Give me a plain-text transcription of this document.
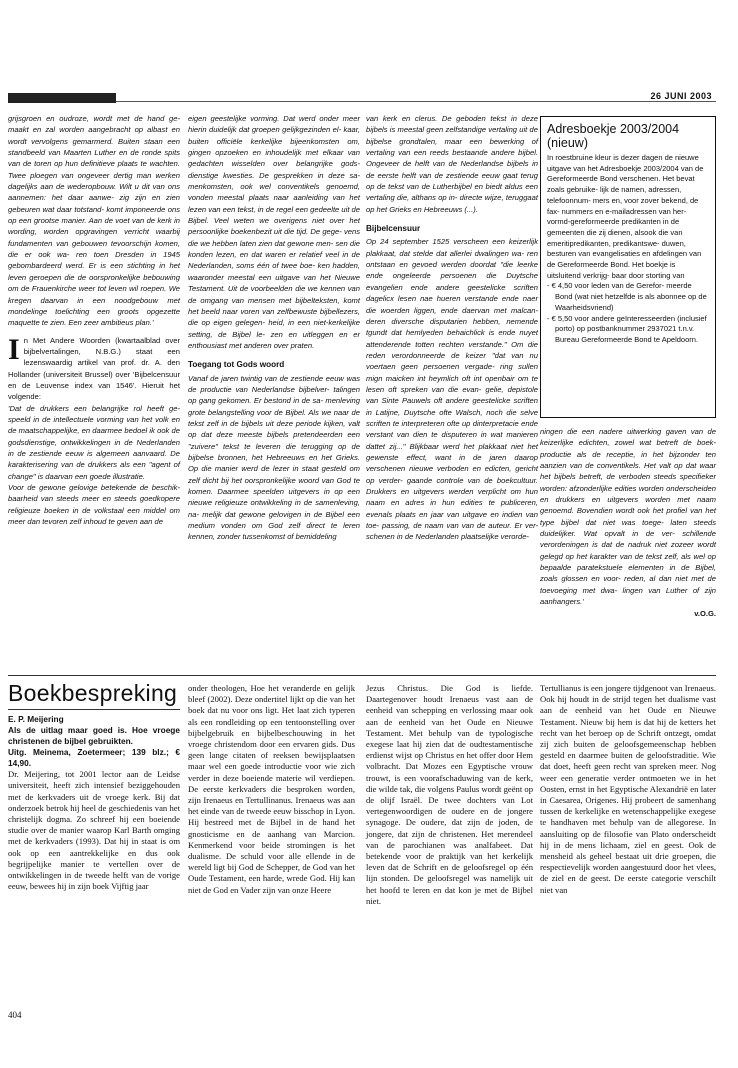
26 JUNI 2003

grijsgroen en oudroze, wordt met de hand ge- maakt en zal worden aangebracht op albast en wordt vervolgens gemarmerd. Buiten staan een standbeeld van Maarten Luther en de ronde spits van de toren op hun definitieve plaats te wachten. Twee ploegen van ongeveer dertig man werken dagelijks aan de wederopbouw. Wilt u dit van ons aannemen: het daar aanwe- zig zijn en zien gebeuren wat daar totstand- komt imponeerde ons op een grootse manier. Aan de voet van de kerk in wording, worden opgravingen verricht waarbij fundamenten van gebouwen tevoorschijn komen, die er ook wa- ren toen Dresden in 1945 gebombardeerd werd. Er is een stichting in het leven geroepen die de oorspronkelijke bebouwing om de Frauenkirche weer tot leven wil roepen. We kregen daarvan in een noodgebouw met mondelinge toelichting een groots opgezette maquette te zien. Een zeer ambitieus plan.'

I n Met Andere Woorden (kwartaalblad over bijbelvertalingen, N.B.G.) staat een lezenswaardig artikel van prof. dr. A. den Hollander (universiteit Brussel) over 'Bijbelcensuur en de Leuvense index van 1546'. Hieruit het volgende:

'Dat de drukkers een belangrijke rol heeft ge- speeld in de intellectuele vorming van het volk en de maatschappelijke, en daarmee bedoel ik ook de godsdienstige, ontwikkelingen in de Nederlanden in de zestiende eeuw is algemeen aanvaard. De karakterisering van de drukkers als een "agent of change" is daarvan een goede illustratie.

Voor de gewone gelovige betekende de beschik- baarheid van steeds meer en steeds goedkopere religieuze boeken in de volkstaal een middel om meer dan tevoren zelf inhoud te geven aan de

eigen geestelijke vorming. Dat werd onder meer hierin duidelijk dat groepen gelijkgezinden el- kaar, buiten officiële kerkelijke bijeenkomsten om, gingen opzoeken en inhoudelijk met elkaar van gedachten wisselden over belangrijke gods- dienstige kwesties. De gesprekken in deze sa- menkomsten, ook wel conventikels genoemd, vonden meestal plaats naar aanleiding van het lezen van een tekst, in de regel een gedeelte uit de Bijbel. Veel weten we overigens niet over het persoonlijke boekenbezit uit die tijd. De gege- vens die we hebben laten zien dat gewone men- sen die konden lezen, en dat waren er relatief veel in de Nederlanden, soms één of twee boe- ken hadden, waaronder meestal een uitgave van het Nieuwe Testament. Uit de voorbeelden die we kennen van de omgang van mensen met bijbelteksten, komt het beeld naar voren van zelfbewuste bijbellezers, die op eigen gelegen- heid, in een niet-kerkelijke setting, de Bijbel le- zen en uitleggen en er enthousiast met anderen over praten.

Toegang tot Gods woord

Vanaf de jaren twintig van de zestiende eeuw was de productie van Nederlandse bijbelver- talingen op gang gekomen. Er bestond in de sa- menleving grote belangstelling voor de Bijbel. Als we naar de tekst zelf in de bijbels uit deze periode kijken, valt op dat deze meeste bijbels pretendeerden een "zuivere" tekst te leveren die terugging op de bijbelse bronnen, het Hebreeuws en het Grieks. Op die manier werd de lezer in staat gesteld om zelf dicht bij het oorspronkelijke woord van God te komen. Daarmee speelden uitgevers in op een nieuwe religieuze ontwikkeling in de samenleving, na- melijk dat gewone gelovigen in de Bijbel een medium vonden om God zelf direct te leren kennen, zonder tussenkomst of bemiddeling

van kerk en clerus. De geboden tekst in deze bijbels is meestal geen zelfstandige vertaling uit de bijbelse grondtalen, maar een bewerking of vertaling van een reeds bestaande andere bijbel. Ongeveer de helft van de Nederlandse bijbels in de eerste helft van de zestiende eeuw gaat terug op de tekst van de Lutherbijbel en biedt aldus een vertaling die, althans op in- directe wijze, teruggaat op het Grieks en Hebreeuws (...).

Bijbelcensuur

Op 24 september 1525 verscheen een keizerlijk plakkaat, dat stelde dat allerlei dwalingen wa- ren ontstaan en gevoed werden doordat "die leerke ende ongeleerde persoenen die Duytsche evangelien ende andere geestelicke scriften dagelicx lesen nae hueren verstande ende naer die woerden liggen, ende daervan met malcan- deren diversche disputarien hebben, nemende tgundt dat hemlyeden behaichlick is ende nuyet attenderende totten rechten verstande." Om die reden verordonneerde de keizer "dat van nu voertaen geen persoenen vergade- ring sullen mign maicken int heymlich oft int openbair om te lesen oft spreken van die evan- gelie, depistole van Sinte Pauwels oft andere geestelicke scriften in Latijne, Duytsche ofte Walsch, noch die selve scriften te interpreteren ofte up dinterpretacie ende verstant van dien te disputeren in wat manieren dattet zij..." Blijkbaar werd het plakkaat niet het gewenste effect, want in de jaren daarop verschenen nieuwe verboden en edicten, gericht op verder- gaande controle van de boekcultuur. Drukkers en uitgevers werden verplicht om hun naam en adres in hun edities te publiceren, evenals plaats en jaar van uitgave en indien van toe- passing, de naam van van de auteur. Er ver- schenen in de Nederlanden plaatselijke verorde-

Adresboekje 2003/2004 (nieuw)

In roestbruine kleur is dezer dagen de nieuwe uitgave van het Adresboekje 2003/2004 van de Gereformeerde Bond verschenen. Het bevat zoals gebruike- lijk de namen, adressen, telefoonnum- mers en, voor zover bekend, de fax- nummers en e-mailadressen van her- vormd-gereformeerde predikanten in de gemeenten die zij dienen, alsook die van emeritipredikanten, predikantswe- duwen, besturen van evangelisaties en afdelingen van de Gereformeerde Bond. Het boekje is uitsluitend verkrijg- baar door storting van

- € 4,50 voor leden van de Gerefor- meerde Bond (wat niet hetzelfde is als abonnee op de Waarheidsvriend)

- € 5,50 voor andere geïnteresseerden (inclusief porto) op postbanknummer 2937021 t.n.v. Bureau Gereformeerde Bond te Apeldoorn.

ningen die een nadere uitwerking gaven van de keizerlijke edichten, zowel wat betreft de boek- productie als de receptie, in het bijzonder ten aanzien van de conventikels. Het valt op dat waar het bijbels betreft, de verboden steeds specifieker worden: afzonderlijke edities worden onderscheiden en drukkers en uitgevers worden met naam genoemd. Bovendien wordt ook het profiel van het type bijbel dat niet was toege- laten steeds duidelijker. Wat opvalt in de ver- schillende verordeningen is dat de nadruk niet zozeer wordt gelegd op het karakter van de tekst zelf, als wel op bepaalde paratekstuele elementen in de Bijbel, zoals glossen en voor- reden, al dan niet met de toevoeging met dwa- lingen van Luther of zijn aanhangers.'

v.O.G.

Boekbespreking

E. P. Meijering

Als de uitlag maar goed is. Hoe vroege christenen de bijbel gebruikten.

Uitg. Meinema, Zoetermeer; 139 blz.; € 14,90.

Dr. Meijering, tot 2001 lector aan de Leidse universiteit, heeft zich intensief beziggehouden met de kerkvaders uit de vroege kerk. Bij dat onderzoek betrok hij heel de geschiedenis van het christelijk dogma. Zo schreef hij een boeiende studie over de manier waarop Karl Barth omging met de kerkvaders (1993). Dat hij in staat is om ook op een aantrekkelijke en dus ook begrijpelijke manier te vertellen over de ontwikkelingen in de tweede helft van de vorige eeuw, bewees hij in zijn boek Vijftig jaar

onder theologen, Hoe het veranderde en gelijk bleef (2002). Deze ondertitel lijkt op die van het boek dat nu voor ons ligt. Het laat zich typeren als een rondleiding op een tentoonstelling over bijbelgebruik en bijbelbeschouwing in het vroege christendom door een ervaren gids. Dus geen lange citaten of reeksen bewijsplaatsen maar wel een goede introductie voor wie zich verder in deze boeiende materie wil verdiepen. De eerste kerkvaders die besproken worden, zijn Irenaeus en Tertullinanus. Irenaeus was aan het einde van de tweede eeuw bisschop in Lyon. Hij bestreed met de Bijbel in de hand het gnosticisme en de aanhang van Marcion. Kenmerkend voor beide stromingen is het dualisme. De schuld voor alle ellende in de wereld ligt bij God de Schepper, de God van het Oude Testament, een harde, wrede God. Hij kan niet de God en Vader zijn van onze Heere

Jezus Christus. Die God is liefde. Daartegenover houdt Irenaeus vast aan de eenheid van schepping en verlossing maar ook aan de eenheid van het Oude en Nieuwe Testament. Met behulp van de typologische exegese laat hij zien dat de oudtestamentische erdienst wijst op Christus en het offer door Hem volbracht. Dat Mozes een Egyptische vrouw trouwt, is een voorafschaduwing van de kerk, die wilde tak, die volgens Paulus wordt geënt op de olijf Israël. De twee dochters van Lot vertegenwoordigen de oudere en de jongere synagoge. De oudere, dat zijn de joden, de jongere, dat zijn de christenen. Het merendeel van de parochianen was analfabeet. Dat betekende voor de praktijk van het kerkelijk leven dat de Schrift en de geloofsregel op één lijn stonden. De geloofsregel was namelijk uit het hoofd te leren en dat kon je met de Bijbel niet.

Tertullianus is een jongere tijdgenoot van Irenaeus. Ook hij houdt in de strijd tegen het dualisme vast aan de eenheid van het Oude en Nieuwe Testament. Nieuw bij hem is dat hij de ketters het recht van het beroep op de Schrift ontzegt, omdat zij zich buiten de geloofsgemeenschap hebben gesteld en daarmee buiten de geloofstraditie. Wie dat doet, heeft geen recht van spreken meer. Nog weer een generatie verder ontmoeten we in het Oosten, ernst in het Egyptische Alexandrië en later in Caesarea, Origenes. Hij probeert de samenhang tussen de kerkelijke en wetenschappelijke exegese te handhaven met behulp van de allegorese. In aansluiting op de filosofie van Plato onderscheidt hij in de mens lichaam, ziel en geest. Ook de mensheid als geheel bestaat uit drie groepen, die respectievelijk worden aangestuurd door het vlees, de ziel en de geest. De eerste categorie verschilt niet van

404
